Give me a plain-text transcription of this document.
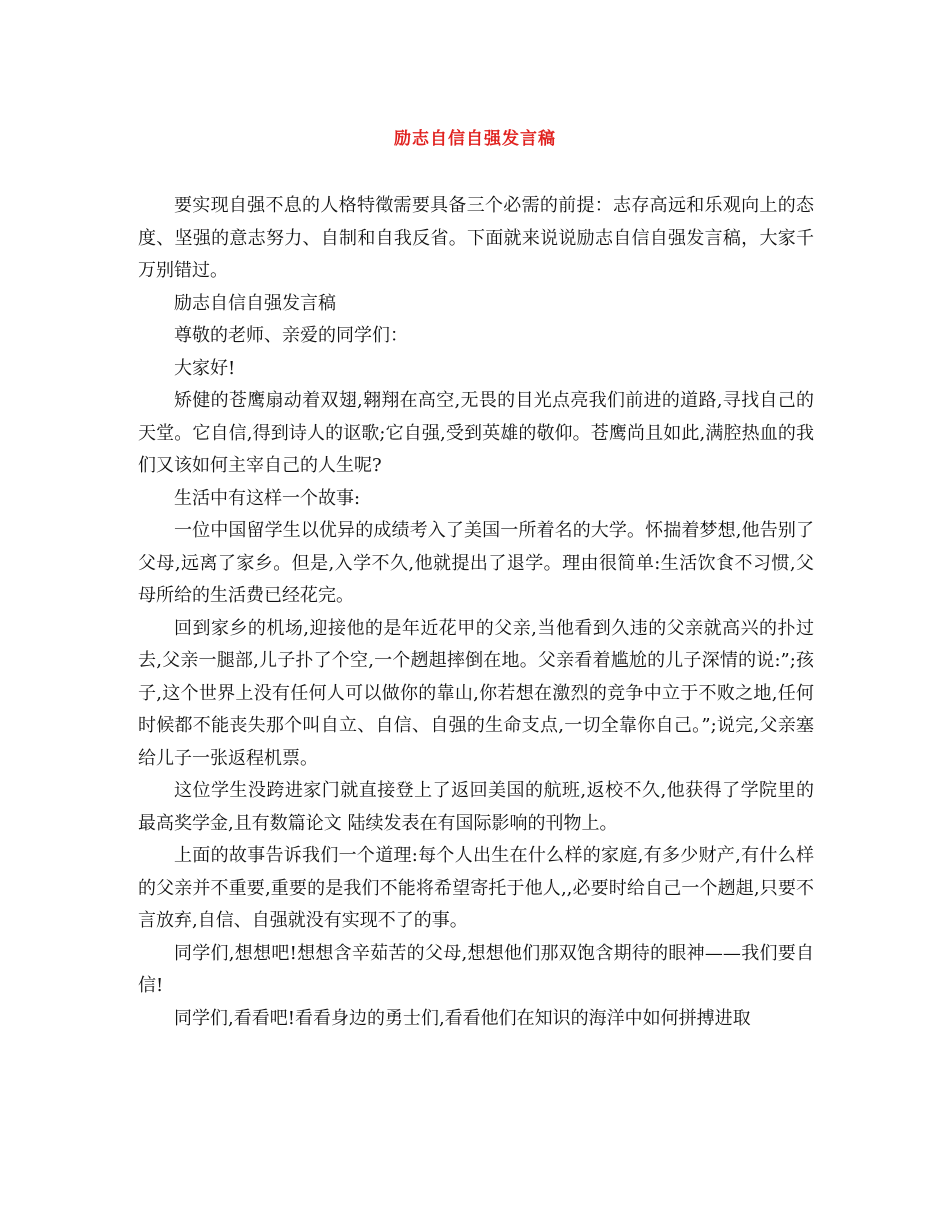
励志自信自强发言稿

要实现自强不息的人格特徵需要具备三个必需的前提：志存高远和乐观向上的态度、坚强的意志努力、自制和自我反省。下面就来说说励志自信自强发言稿，大家千万别错过。

励志自信自强发言稿

尊敬的老师、亲爱的同学们：

大家好!

矫健的苍鹰扇动着双翅,翱翔在高空,无畏的目光点亮我们前进的道路,寻找自己的天堂。它自信,得到诗人的讴歌;它自强,受到英雄的敬仰。苍鹰尚且如此,满腔热血的我们又该如何主宰自己的人生呢?

生活中有这样一个故事:

一位中国留学生以优异的成绩考入了美国一所着名的大学。怀揣着梦想,他告别了父母,远离了家乡。但是,入学不久,他就提出了退学。理由很简单:生活饮食不习惯,父母所给的生活费已经花完。

回到家乡的机场,迎接他的是年近花甲的父亲,当他看到久违的父亲就高兴的扑过去,父亲一腿部,儿子扑了个空,一个趔趄摔倒在地。父亲看着尴尬的儿子深情的说:”;孩子,这个世界上没有任何人可以做你的靠山,你若想在激烈的竞争中立于不败之地,任何时候都不能丧失那个叫自立、自信、自强的生命支点,一切全靠你自己。”;说完,父亲塞给儿子一张返程机票。

这位学生没跨进家门就直接登上了返回美国的航班,返校不久,他获得了学院里的最高奖学金,且有数篇论文 陆续发表在有国际影响的刊物上。

上面的故事告诉我们一个道理:每个人出生在什么样的家庭,有多少财产,有什么样的父亲并不重要,重要的是我们不能将希望寄托于他人,,必要时给自己一个趔趄,只要不言放弃,自信、自强就没有实现不了的事。

同学们,想想吧!想想含辛茹苦的父母,想想他们那双饱含期待的眼神——我们要自信!

同学们,看看吧!看看身边的勇士们,看看他们在知识的海洋中如何拼搏进取
